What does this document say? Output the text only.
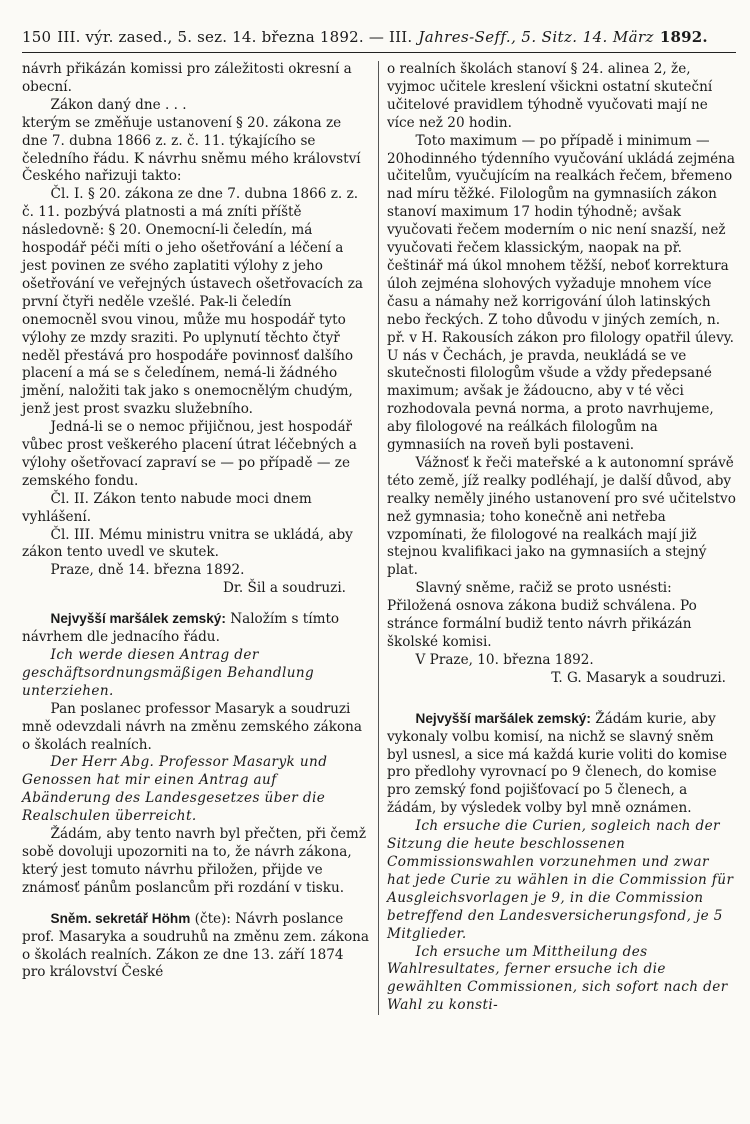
150 III. výr. zased., 5. sez. 14. března 1892. — III. Jahres-Seff., 5. Sitz. 14. März 1892.

návrh přikázán komissi pro záležitosti okresní a obecní.

Zákon daný dne . . .

kterým se změňuje ustanovení § 20. zákona ze dne 7. dubna 1866 z. z. č. 11. týkajícího se čeledního řádu. K návrhu sněmu mého království Českého nařizuji takto:

Čl. I. § 20. zákona ze dne 7. dubna 1866 z. z. č. 11. pozbývá platnosti a má zníti příště následovně: § 20. Onemocní-li čeledín, má hospodář péči míti o jeho ošetřování a léčení a jest povinen ze svého zaplatiti výlohy z jeho ošetřování ve veřejných ústavech ošetřovacích za první čtyři neděle vzešlé. Pak-li čeledín onemocněl svou vinou, může mu hospodář tyto výlohy ze mzdy sraziti. Po uplynutí těchto čtyř neděl přestává pro hospodáře povinnosť dalšího placení a má se s čeledínem, nemá-li žádného jmění, naložiti tak jako s onemocnělým chudým, jenž jest prost svazku služebního.

Jedná-li se o nemoc přijičnou, jest hospodář vůbec prost veškerého placení útrat léčebných a výlohy ošetřovací zapraví se — po případě — ze zemského fondu.

Čl. II. Zákon tento nabude moci dnem vyhlášení.

Čl. III. Mému ministru vnitra se ukládá, aby zákon tento uvedl ve skutek.

Praze, dně 14. března 1892.

Dr. Šil a soudruzi.

Nejvyšší maršálek zemský: Naložím s tímto návrhem dle jednacího řádu.

Ich werde diesen Antrag der geschäftsordnungsmäßigen Behandlung unterziehen.

Pan poslanec professor Masaryk a soudruzi mně odevzdali návrh na změnu zemského zákona o školách realních.

Der Herr Abg. Professor Masaryk und Genossen hat mir einen Antrag auf Abänderung des Landesgesetzes über die Realschulen überreicht.

Žádám, aby tento navrh byl přečten, při čemž sobě dovoluji upozorniti na to, že návrh zákona, který jest tomuto návrhu přiložen, přijde ve známosť pánům poslancům při rozdání v tisku.

Sněm. sekretář Höhm (čte): Návrh poslance prof. Masaryka a soudruhů na změnu zem. zákona o školách realních. Zákon ze dne 13. září 1874 pro království České

o realních školách stanoví § 24. alinea 2, že, vyjmoc učitele kreslení všickni ostatní skuteční učitelové pravidlem týhodně vyučovati mají ne více než 20 hodin.

Toto maximum — po případě i minimum — 20hodinného týdenního vyučování ukládá zejména učitelům, vyučujícím na realkách řečem, břemeno nad míru těžké. Filologům na gymnasiích zákon stanoví maximum 17 hodin týhodně; avšak vyučovati řečem moderním o nic není snazší, než vyučovati řečem klassickým, naopak na př. češtinář má úkol mnohem těžší, neboť korrektura úloh zejména slohových vyžaduje mnohem více času a námahy než korrigování úloh latinských nebo řeckých. Z toho důvodu v jiných zemích, n. př. v H. Rakousích zákon pro filology opatřil úlevy. U nás v Čechách, je pravda, neukládá se ve skutečnosti filologům všude a vždy předepsané maximum; avšak je žádoucno, aby v té věci rozhodovala pevná norma, a proto navrhujeme, aby filologové na reálkách filologům na gymnasiích na roveň byli postaveni.

Vážnosť k řeči mateřské a k autonomní správě této země, jíž realky podléhají, je další důvod, aby realky neměly jiného ustanovení pro své učitelstvo než gymnasia; toho konečně ani netřeba vzpomínati, že filologové na realkách mají již stejnou kvalifikaci jako na gymnasiích a stejný plat.

Slavný sněme, račiž se proto usnésti: Přiložená osnova zákona budiž schválena. Po stránce formální budiž tento návrh přikázán školské komisi.

V Praze, 10. března 1892.

T. G. Masaryk a soudruzi.

Nejvyšší maršálek zemský: Žádám kurie, aby vykonaly volbu komisí, na nichž se slavný sněm byl usnesl, a sice má každá kurie voliti do komise pro předlohy vyrovnací po 9 členech, do komise pro zemský fond pojišťovací po 5 členech, a žádám, by výsledek volby byl mně oznámen.

Ich ersuche die Curien, sogleich nach der Sitzung die heute beschlossenen Commissionswahlen vorzunehmen und zwar hat jede Curie zu wählen in die Commission für Ausgleichsvorlagen je 9, in die Commission betreffend den Landesversicherungsfond, je 5 Mitglieder.

Ich ersuche um Mittheilung des Wahlresultates, ferner ersuche ich die gewählten Commissionen, sich sofort nach der Wahl zu konsti-
